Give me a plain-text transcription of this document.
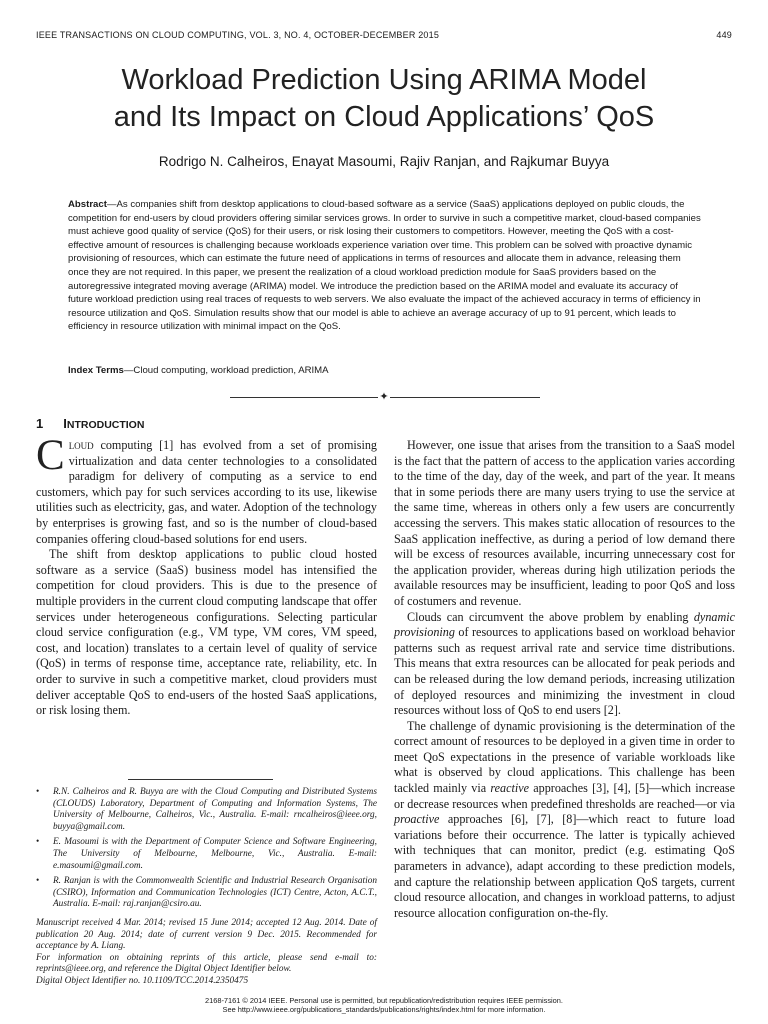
IEEE TRANSACTIONS ON CLOUD COMPUTING, VOL. 3, NO. 4, OCTOBER-DECEMBER 2015	449
Workload Prediction Using ARIMA Model
and Its Impact on Cloud Applications’ QoS
Rodrigo N. Calheiros, Enayat Masoumi, Rajiv Ranjan, and Rajkumar Buyya
Abstract—As companies shift from desktop applications to cloud-based software as a service (SaaS) applications deployed on public clouds, the competition for end-users by cloud providers offering similar services grows. In order to survive in such a competitive market, cloud-based companies must achieve good quality of service (QoS) for their users, or risk losing their customers to competitors. However, meeting the QoS with a cost-effective amount of resources is challenging because workloads experience variation over time. This problem can be solved with proactive dynamic provisioning of resources, which can estimate the future need of applications in terms of resources and allocate them in advance, releasing them once they are not required. In this paper, we present the realization of a cloud workload prediction module for SaaS providers based on the autoregressive integrated moving average (ARIMA) model. We introduce the prediction based on the ARIMA model and evaluate its accuracy of future workload prediction using real traces of requests to web servers. We also evaluate the impact of the achieved accuracy in terms of efficiency in resource utilization and QoS. Simulation results show that our model is able to achieve an average accuracy of up to 91 percent, which leads to efficiency in resource utilization with minimal impact on the QoS.
Index Terms—Cloud computing, workload prediction, ARIMA
✦
1 INTRODUCTION

Cloud computing [1] has evolved from a set of promising virtualization and data center technologies to a consolidated paradigm for delivery of computing as a service to end customers, which pay for such services according to its use, likewise utilities such as electricity, gas, and water. Adoption of the technology by enterprises is growing fast, and so is the number of cloud-based companies offering cloud-based solutions for end users.

The shift from desktop applications to public cloud hosted software as a service (SaaS) business model has intensified the competition for cloud providers. This is due to the presence of multiple providers in the current cloud computing landscape that offer services under heterogeneous configurations. Selecting particular cloud service configuration (e.g., VM type, VM cores, VM speed, cost, and location) translates to a certain level of quality of service (QoS) in terms of response time, acceptance rate, reliability, etc. In order to survive in such a competitive market, cloud providers must deliver acceptable QoS to end-users of the hosted SaaS applications, or risk losing them.

However, one issue that arises from the transition to a SaaS model is the fact that the pattern of access to the application varies according to the time of the day, day of the week, and part of the year. It means that in some periods there are many users trying to use the service at the same time, whereas in others only a few users are concurrently accessing the servers. This makes static allocation of resources to the SaaS application ineffective, as during a period of low demand there will be excess of resources available, incurring unnecessary cost for the application provider, whereas during high utilization periods the available resources may be insufficient, leading to poor QoS and loss of costumers and revenue.

Clouds can circumvent the above problem by enabling dynamic provisioning of resources to applications based on workload behavior patterns such as request arrival rate and service time distributions. This means that extra resources can be allocated for peak periods and can be released during the low demand periods, increasing utilization of deployed resources and minimizing the investment in cloud resources without loss of QoS to end users [2].

The challenge of dynamic provisioning is the determination of the correct amount of resources to be deployed in a given time in order to meet QoS expectations in the presence of variable workloads like what is observed by cloud applications. This challenge has been tackled mainly via reactive approaches [3], [4], [5]—which increase or decrease resources when predefined thresholds are reached—or via proactive approaches [6], [7], [8]—which react to future load variations before their occurrence. The latter is typically achieved with techniques that can monitor, predict (e.g. estimating QoS parameters in advance), adapt according to these prediction models, and capture the relationship between application QoS targets, current cloud resource allocation, and changes in workload patterns, to adjust resource allocation configuration on-the-fly.

• R.N. Calheiros and R. Buyya are with the Cloud Computing and Distributed Systems (CLOUDS) Laboratory, Department of Computing and Information Systems, The University of Melbourne, Calheiros, Vic., Australia. E-mail: rncalheiros@ieee.org, buyya@gmail.com.
• E. Masoumi is with the Department of Computer Science and Software Engineering, The University of Melbourne, Melbourne, Vic., Australia. E-mail: e.masoumi@gmail.com.
• R. Ranjan is with the Commonwealth Scientific and Industrial Research Organisation (CSIRO), Information and Communication Technologies (ICT) Centre, Acton, A.C.T., Australia. E-mail: raj.ranjan@csiro.au.

Manuscript received 4 Mar. 2014; revised 15 June 2014; accepted 12 Aug. 2014. Date of publication 20 Aug. 2014; date of current version 9 Dec. 2015. Recommended for acceptance by A. Liang.

For information on obtaining reprints of this article, please send e-mail to: reprints@ieee.org, and reference the Digital Object Identifier below.

Digital Object Identifier no. 10.1109/TCC.2014.2350475

2168-7161 © 2014 IEEE. Personal use is permitted, but republication/redistribution requires IEEE permission.
See http://www.ieee.org/publications_standards/publications/rights/index.html for more information.
